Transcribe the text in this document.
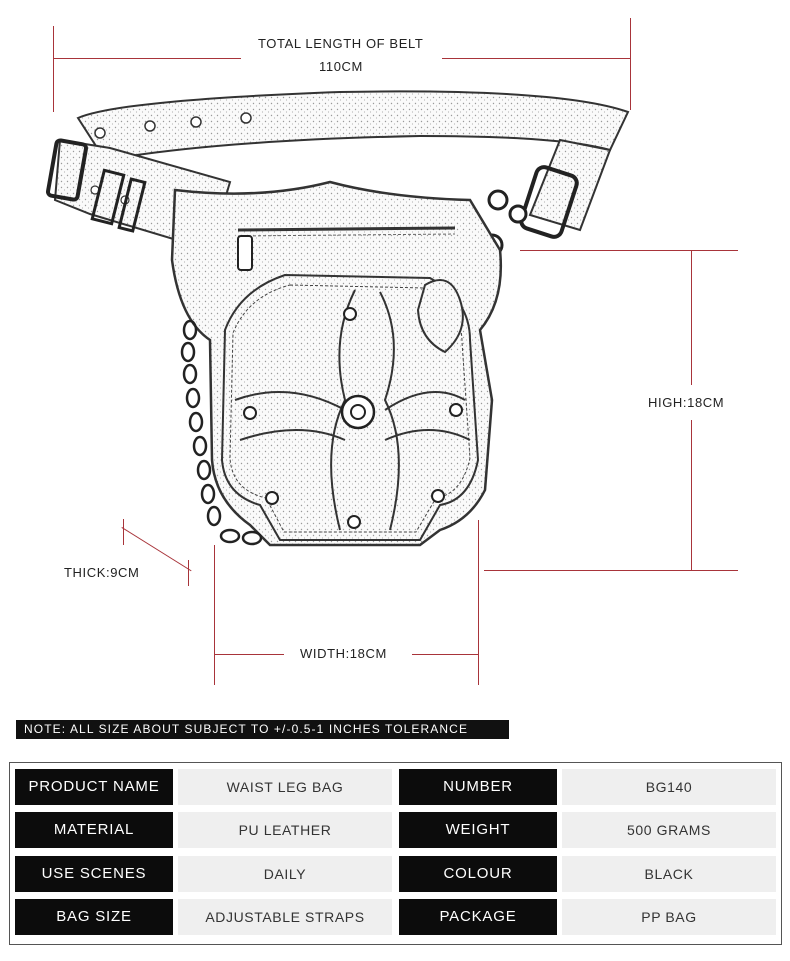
TOTAL LENGTH OF BELT
110CM
HIGH:18CM
THICK:9CM
WIDTH:18CM
NOTE: ALL SIZE ABOUT SUBJECT TO +/-0.5-1 INCHES TOLERANCE
PRODUCT NAME	WAIST LEG BAG	NUMBER	BG140
MATERIAL	PU LEATHER	WEIGHT	500 GRAMS
USE SCENES	DAILY	COLOUR	BLACK
BAG SIZE	ADJUSTABLE STRAPS	PACKAGE	PP BAG
